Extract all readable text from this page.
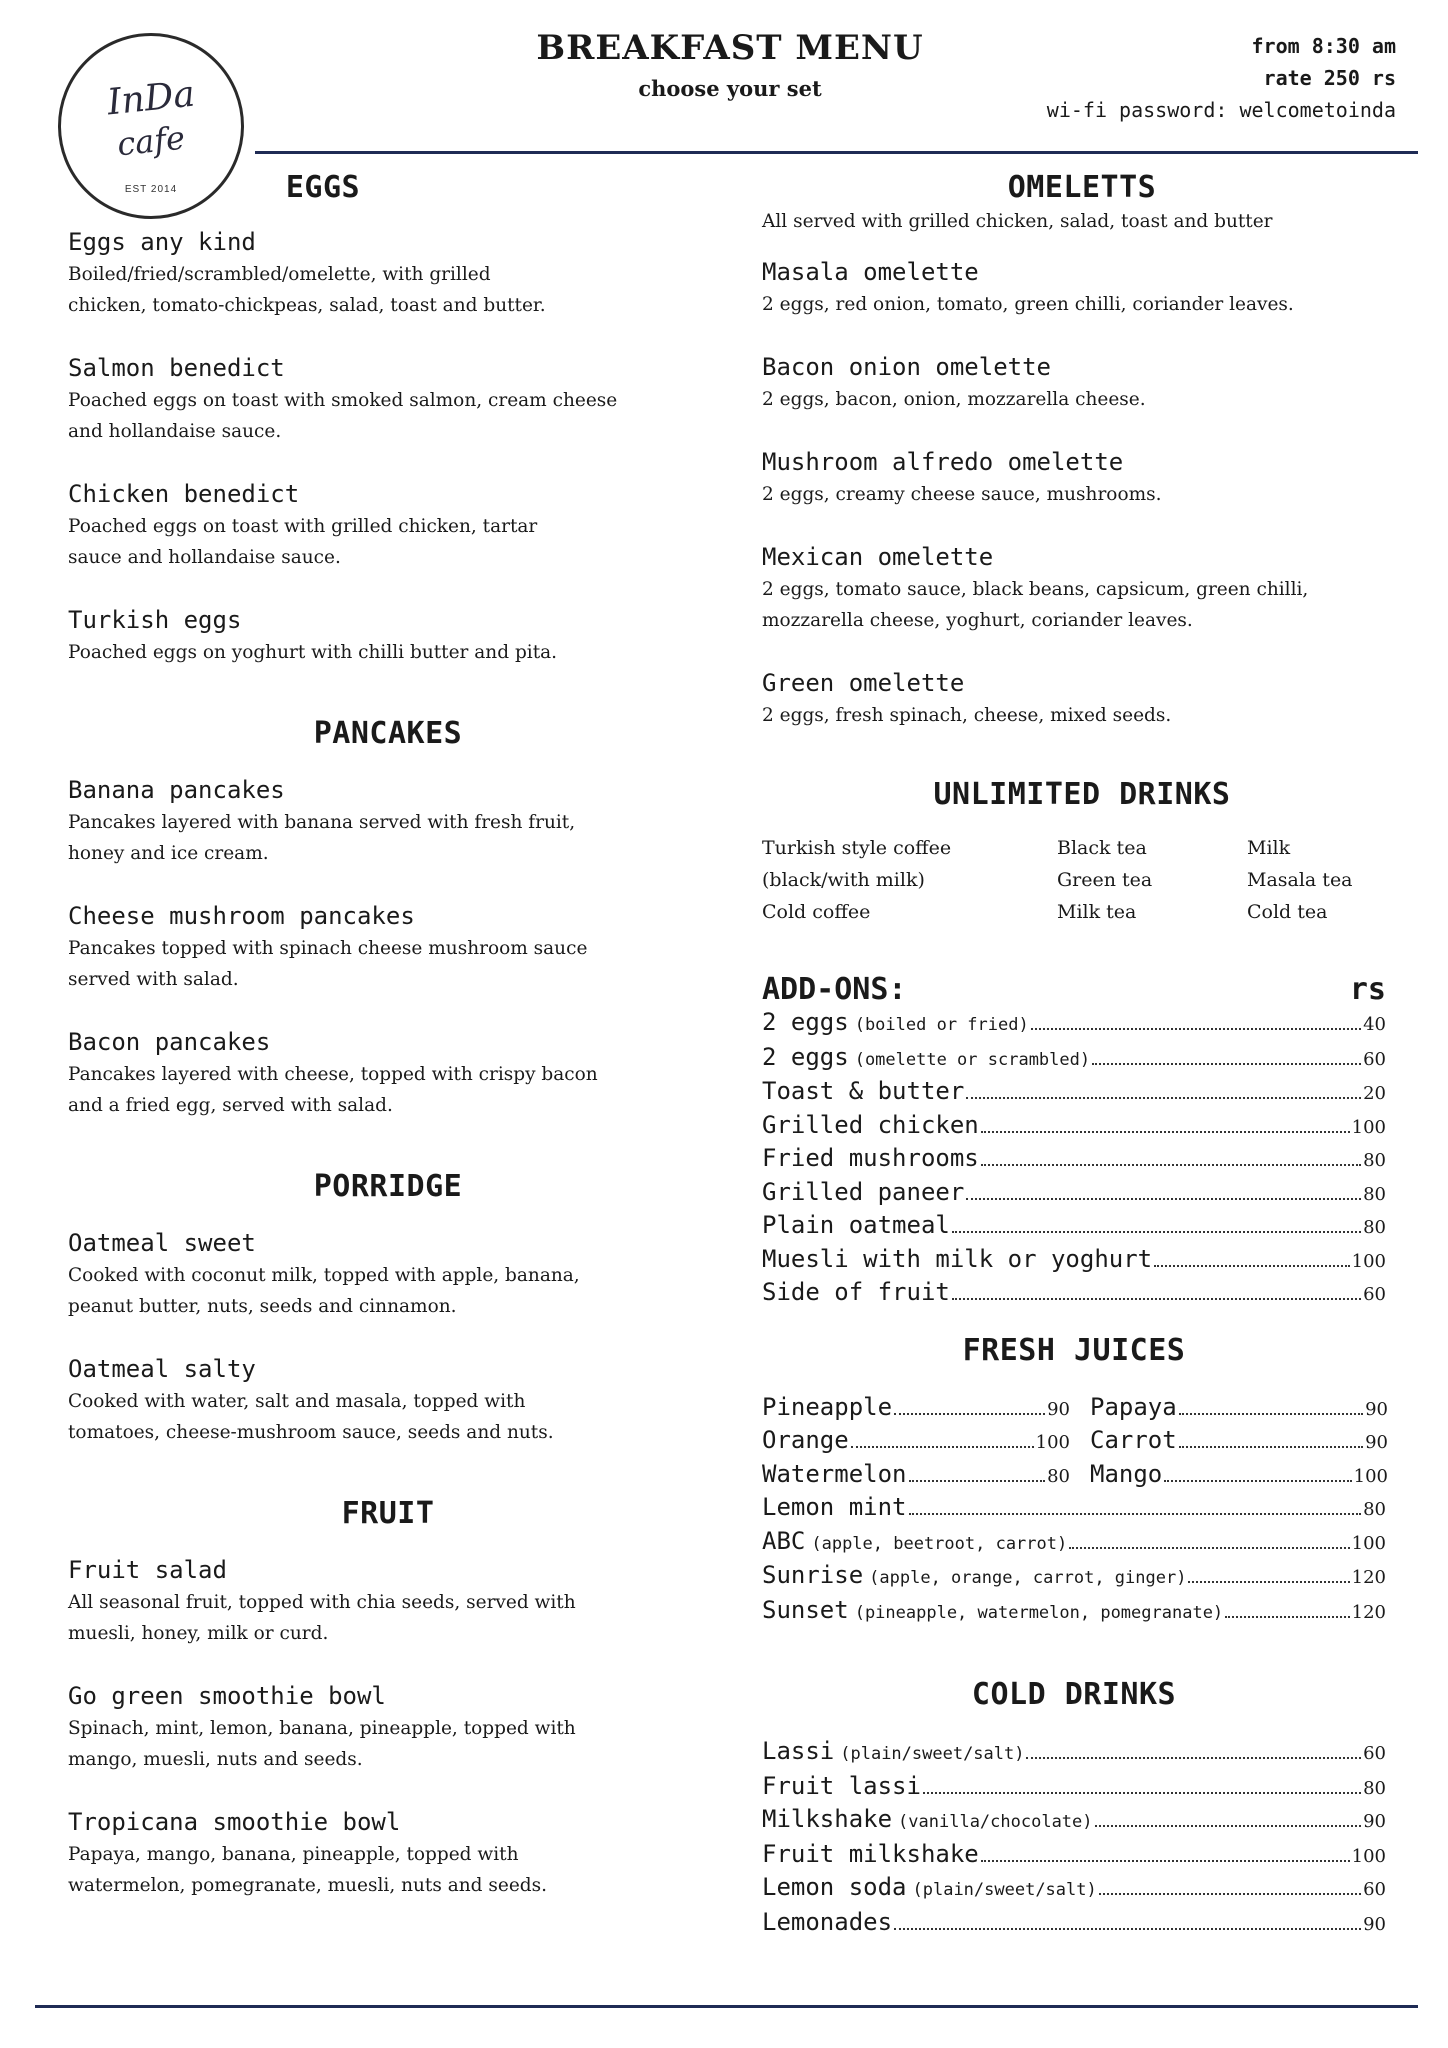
InDa
cafe
EST 2014
BREAKFAST MENU
choose your set
from 8:30 am
rate 250 rs
wi-fi password: welcometoinda
EGGS
Eggs any kind
Boiled/fried/scrambled/omelette, with grilled
chicken, tomato-chickpeas, salad, toast and butter.
Salmon benedict
Poached eggs on toast with smoked salmon, cream cheese
and hollandaise sauce.
Chicken benedict
Poached eggs on toast with grilled chicken, tartar
sauce and hollandaise sauce.
Turkish eggs
Poached eggs on yoghurt with chilli butter and pita.
PANCAKES
Banana pancakes
Pancakes layered with banana served with fresh fruit,
honey and ice cream.
Cheese mushroom pancakes
Pancakes topped with spinach cheese mushroom sauce
served with salad.
Bacon pancakes
Pancakes layered with cheese, topped with crispy bacon
and a fried egg, served with salad.
PORRIDGE
Oatmeal sweet
Cooked with coconut milk, topped with apple, banana,
peanut butter, nuts, seeds and cinnamon.
Oatmeal salty
Cooked with water, salt and masala, topped with
tomatoes, cheese-mushroom sauce, seeds and nuts.
FRUIT
Fruit salad
All seasonal fruit, topped with chia seeds, served with
muesli, honey, milk or curd.
Go green smoothie bowl
Spinach, mint, lemon, banana, pineapple, topped with
mango, muesli, nuts and seeds.
Tropicana smoothie bowl
Papaya, mango, banana, pineapple, topped with
watermelon, pomegranate, muesli, nuts and seeds.
OMELETTS
All served with grilled chicken, salad, toast and butter
Masala omelette
2 eggs, red onion, tomato, green chilli, coriander leaves.
Bacon onion omelette
2 eggs, bacon, onion, mozzarella cheese.
Mushroom alfredo omelette
2 eggs, creamy cheese sauce, mushrooms.
Mexican omelette
2 eggs, tomato sauce, black beans, capsicum, green chilli,
mozzarella cheese, yoghurt, coriander leaves.
Green omelette
2 eggs, fresh spinach, cheese, mixed seeds.
UNLIMITED DRINKS
Turkish style coffee	Black tea	Milk
(black/with milk)	Green tea	Masala tea
Cold coffee	Milk tea	Cold tea
ADD-ONS:	rs
2 eggs (boiled or fried)	40
2 eggs (omelette or scrambled)	60
Toast & butter	20
Grilled chicken	100
Fried mushrooms	80
Grilled paneer	80
Plain oatmeal	80
Muesli with milk or yoghurt	100
Side of fruit	60
FRESH JUICES
Pineapple	90 Papaya	90
Orange	100 Carrot	90
Watermelon	80 Mango	100
Lemon mint	80
ABC (apple, beetroot, carrot)	100
Sunrise (apple, orange, carrot, ginger)	120
Sunset (pineapple, watermelon, pomegranate)	120
COLD DRINKS
Lassi (plain/sweet/salt)	60
Fruit lassi	80
Milkshake (vanilla/chocolate)	90
Fruit milkshake	100
Lemon soda (plain/sweet/salt)	60
Lemonades	90
